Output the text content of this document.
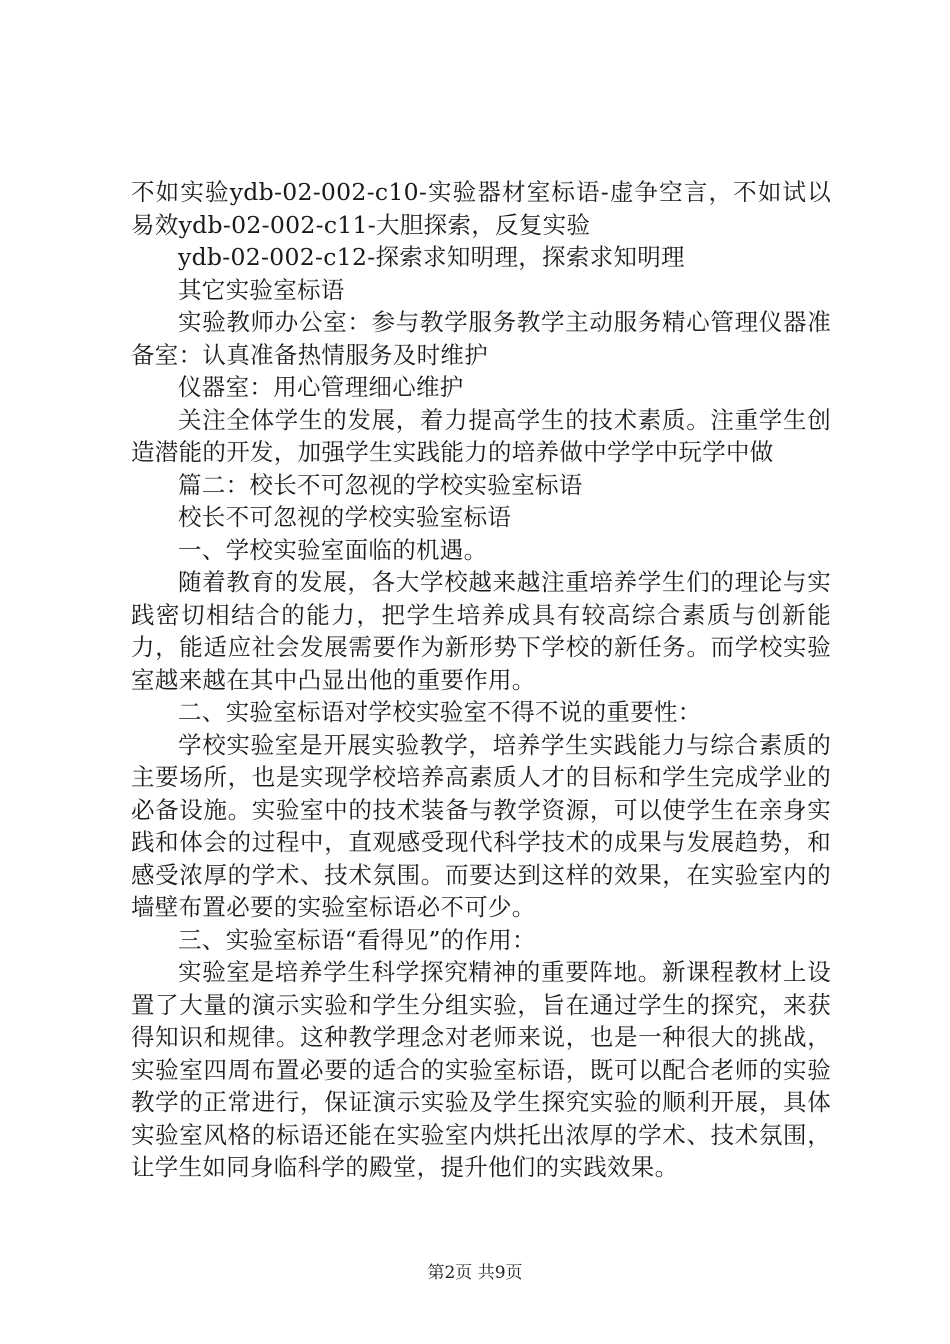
不如实验ydb-02-002-c10-实验器材室标语-虚争空言，不如试以易效ydb-02-002-c11-大胆探索，反复实验

ydb-02-002-c12-探索求知明理，探索求知明理

其它实验室标语

实验教师办公室：参与教学服务教学主动服务精心管理仪器准备室：认真准备热情服务及时维护

仪器室：用心管理细心维护

关注全体学生的发展，着力提高学生的技术素质。注重学生创造潜能的开发，加强学生实践能力的培养做中学学中玩学中做

篇二：校长不可忽视的学校实验室标语

校长不可忽视的学校实验室标语

一、学校实验室面临的机遇。

随着教育的发展，各大学校越来越注重培养学生们的理论与实践密切相结合的能力，把学生培养成具有较高综合素质与创新能力，能适应社会发展需要作为新形势下学校的新任务。而学校实验室越来越在其中凸显出他的重要作用。

二、实验室标语对学校实验室不得不说的重要性：

学校实验室是开展实验教学，培养学生实践能力与综合素质的主要场所，也是实现学校培养高素质人才的目标和学生完成学业的必备设施。实验室中的技术装备与教学资源，可以使学生在亲身实践和体会的过程中，直观感受现代科学技术的成果与发展趋势，和感受浓厚的学术、技术氛围。而要达到这样的效果，在实验室内的墙壁布置必要的实验室标语必不可少。

三、实验室标语“看得见”的作用：

实验室是培养学生科学探究精神的重要阵地。新课程教材上设置了大量的演示实验和学生分组实验，旨在通过学生的探究，来获得知识和规律。这种教学理念对老师来说，也是一种很大的挑战，实验室四周布置必要的适合的实验室标语，既可以配合老师的实验教学的正常进行，保证演示实验及学生探究实验的顺利开展，具体实验室风格的标语还能在实验室内烘托出浓厚的学术、技术氛围，让学生如同身临科学的殿堂，提升他们的实践效果。

第2页 共9页
